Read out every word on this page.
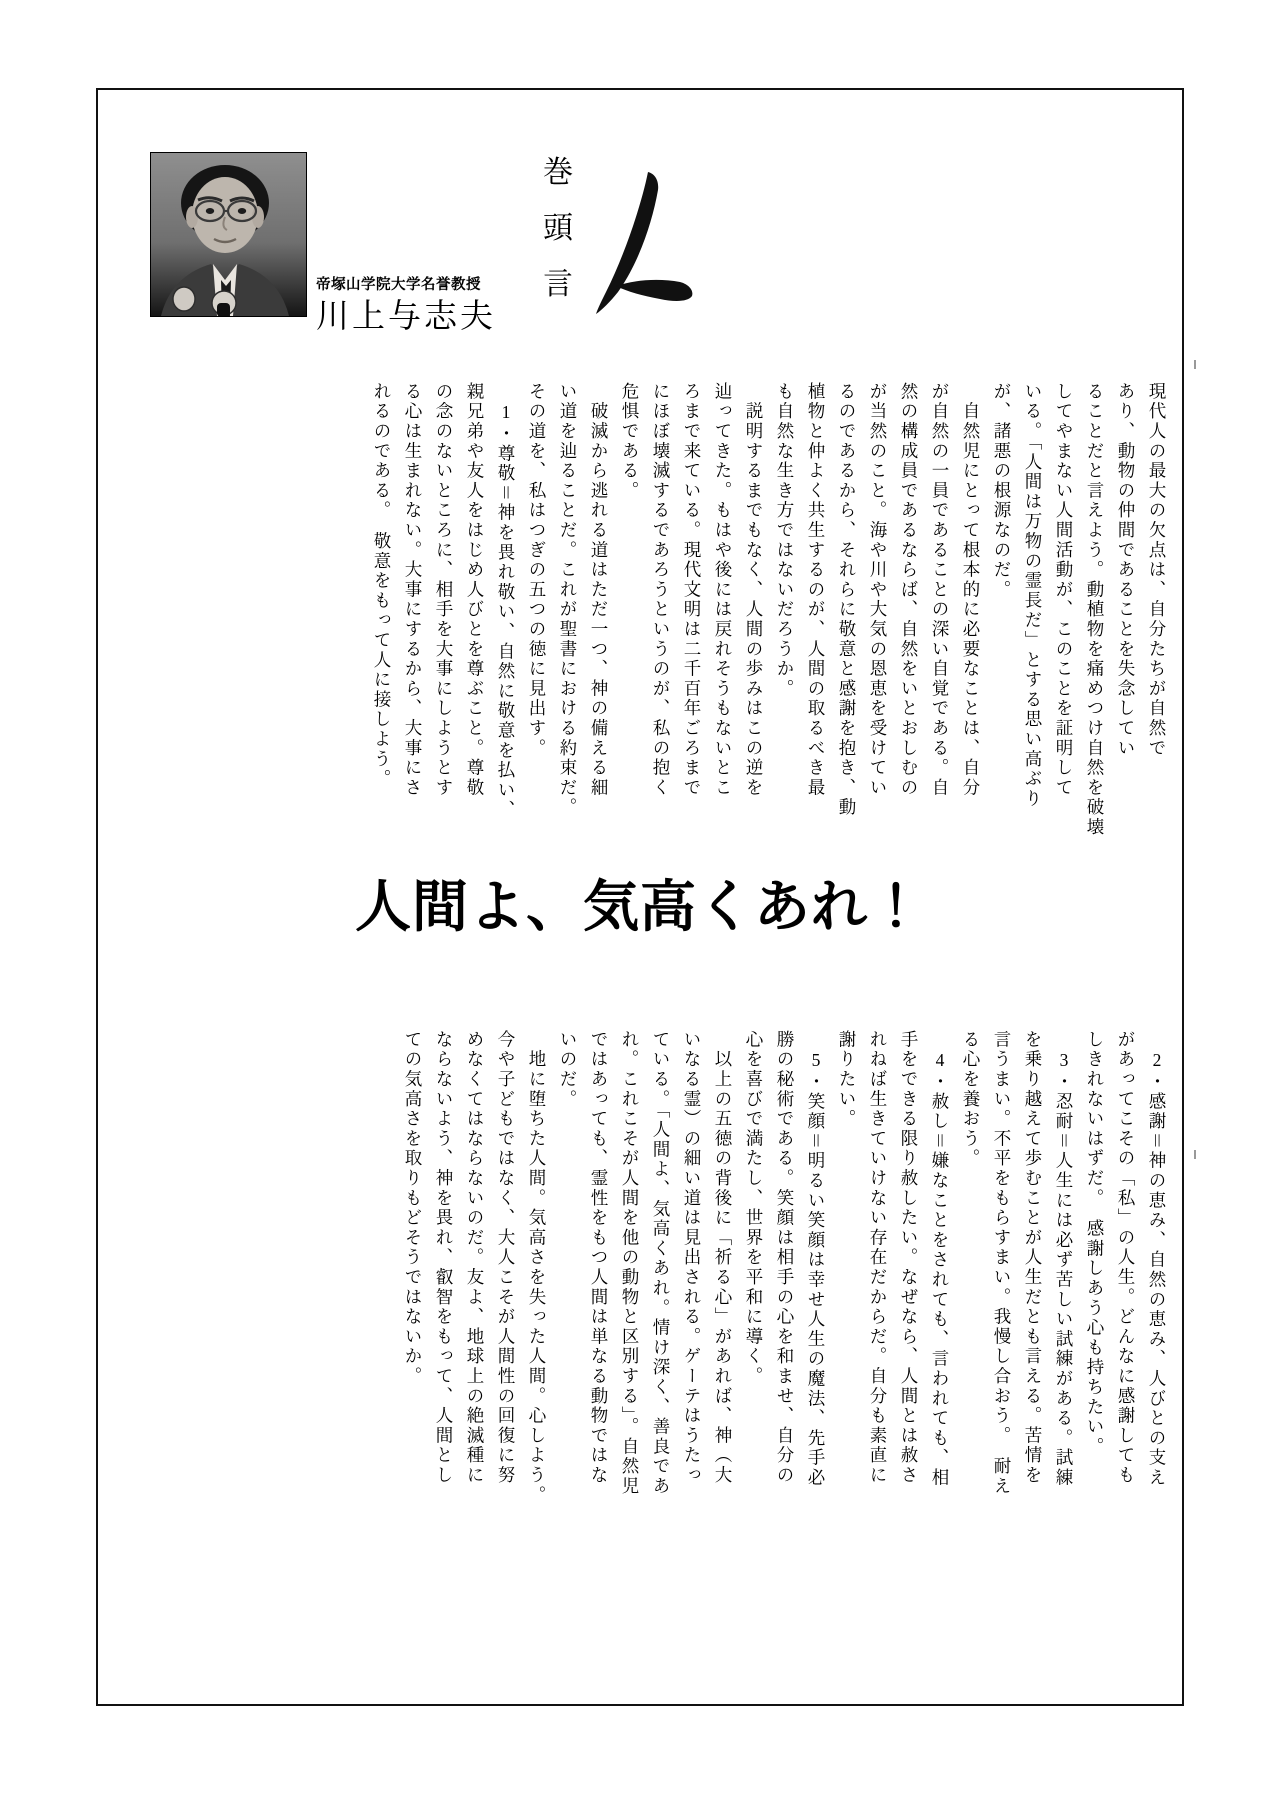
帝塚山学院大学名誉教授
川上与志夫
巻
頭
言
現代人の最大の欠点は、自分たちが自然で
あり、動物の仲間であることを失念してい
ることだと言えよう。動植物を痛めつけ自然を破壊
してやまない人間活動が、このことを証明して
いる。「人間は万物の霊長だ」とする思い高ぶり
が、諸悪の根源なのだ。
　自然児にとって根本的に必要なことは、自分
が自然の一員であることの深い自覚である。自
然の構成員であるならば、自然をいとおしむの
が当然のこと。海や川や大気の恩恵を受けてい
るのであるから、それらに敬意と感謝を抱き、動
植物と仲よく共生するのが、人間の取るべき最
も自然な生き方ではないだろうか。
　説明するまでもなく、人間の歩みはこの逆を
辿ってきた。もはや後には戻れそうもないとこ
ろまで来ている。現代文明は二千百年ごろまで
にほぼ壊滅するであろうというのが、私の抱く
危惧である。
　破滅から逃れる道はただ一つ、神の備える細
い道を辿ることだ。これが聖書における約束だ。
その道を、私はつぎの五つの徳に見出す。
　1・尊敬＝神を畏れ敬い、自然に敬意を払い、
親兄弟や友人をはじめ人びとを尊ぶこと。尊敬
の念のないところに、相手を大事にしようとす
る心は生まれない。大事にするから、大事にさ
れるのである。　敬意をもって人に接しよう。
人間よ、気高くあれ！
　2・感謝＝神の恵み、自然の恵み、人びとの支え
があってこその「私」の人生。どんなに感謝しても
しきれないはずだ。　感謝しあう心も持ちたい。
　3・忍耐＝人生には必ず苦しい試練がある。試練
を乗り越えて歩むことが人生だとも言える。苦情を
言うまい。不平をもらすまい。我慢し合おう。　耐え
る心を養おう。
　4・赦し＝嫌なことをされても、言われても、相
手をできる限り赦したい。なぜなら、人間とは赦さ
れねば生きていけない存在だからだ。自分も素直に
謝りたい。
　5・笑顔＝明るい笑顔は幸せ人生の魔法、先手必
勝の秘術である。笑顔は相手の心を和ませ、自分の
心を喜びで満たし、世界を平和に導く。
　以上の五徳の背後に「祈る心」があれば、神（大
いなる霊）の細い道は見出される。ゲーテはうたっ
ている。「人間よ、気高くあれ。情け深く、善良であ
れ。これこそが人間を他の動物と区別する」。自然児
ではあっても、霊性をもつ人間は単なる動物ではな
いのだ。
　地に堕ちた人間。気高さを失った人間。心しよう。
今や子どもではなく、大人こそが人間性の回復に努
めなくてはならないのだ。友よ、地球上の絶滅種に
ならないよう、神を畏れ、叡智をもって、人間とし
ての気高さを取りもどそうではないか。
